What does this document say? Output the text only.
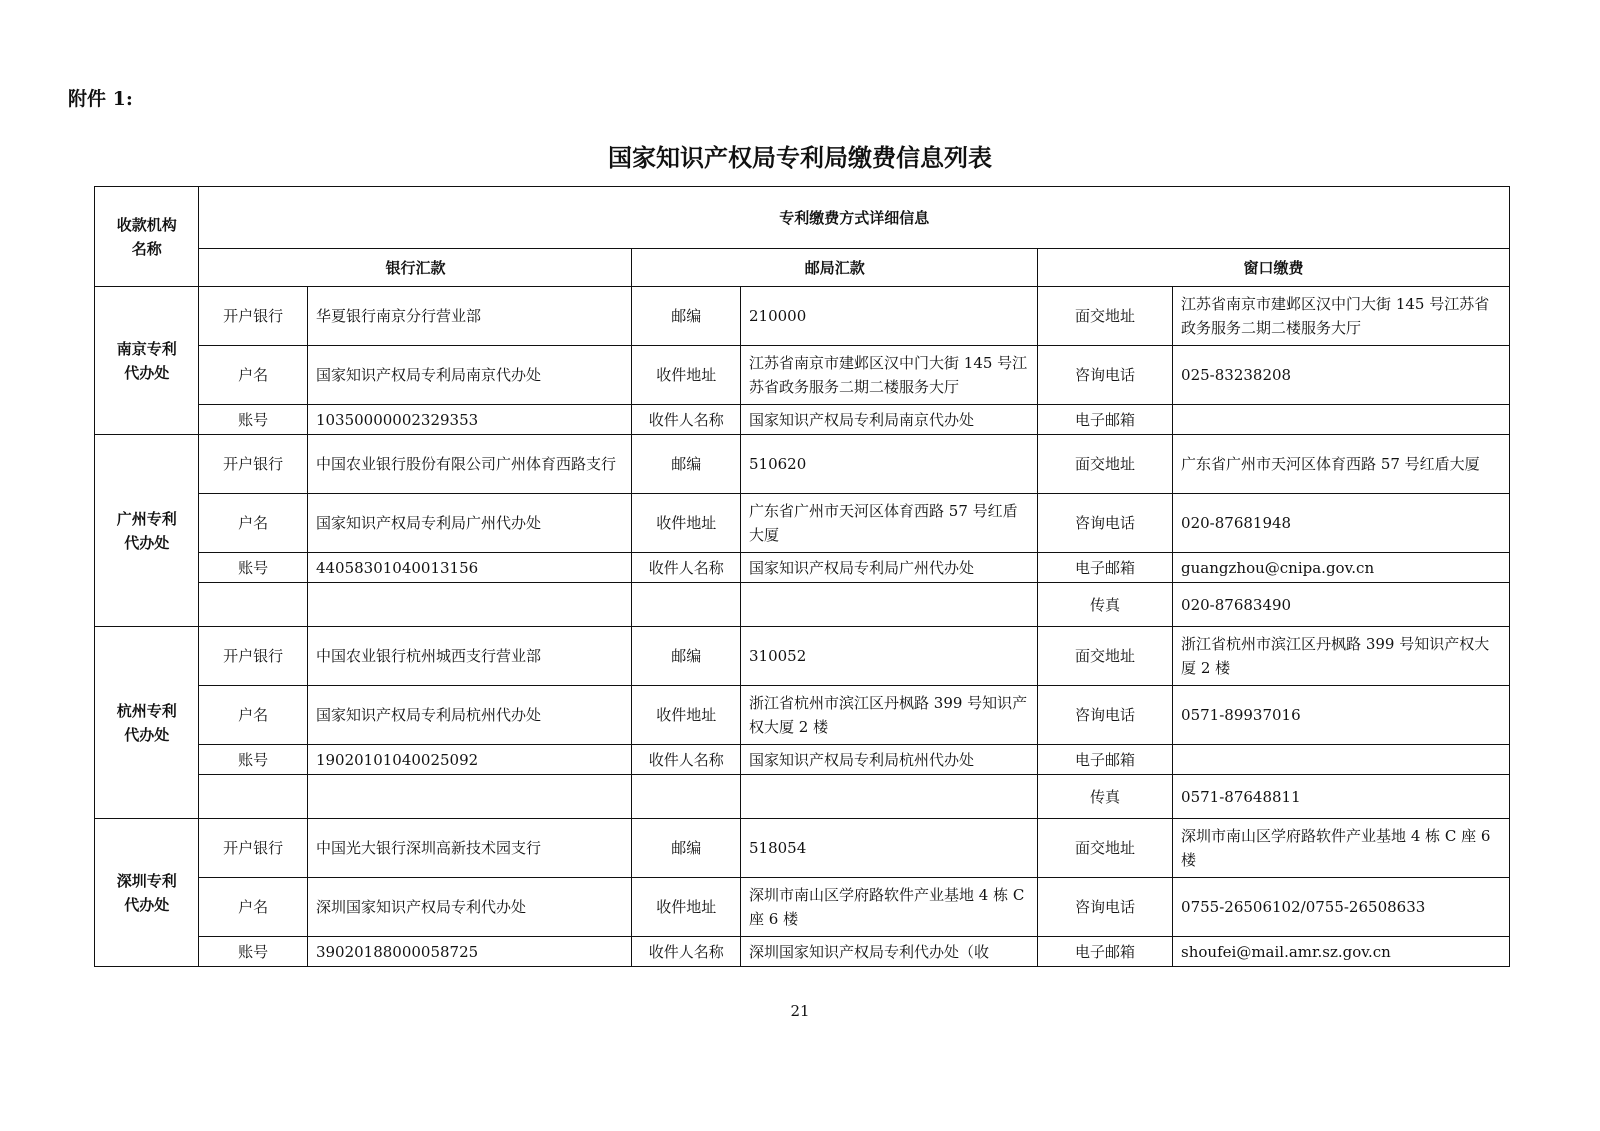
附件 1:
国家知识产权局专利局缴费信息列表
收款机构
名称	专利缴费方式详细信息					
	银行汇款		邮局汇款		窗口缴费	

南京专利
代办处	开户银行	华夏银行南京分行营业部	邮编	210000	面交地址	江苏省南京市建邺区汉中门大街 145 号江苏省政务服务二期二楼服务大厅
	户名	国家知识产权局专利局南京代办处	收件地址	江苏省南京市建邺区汉中门大街 145 号江苏省政务服务二期二楼服务大厅	咨询电话	025-83238208
	账号	10350000002329353	收件人名称	国家知识产权局专利局南京代办处	电子邮箱	

广州专利
代办处	开户银行	中国农业银行股份有限公司广州体育西路支行	邮编	510620	面交地址	广东省广州市天河区体育西路 57 号红盾大厦
	户名	国家知识产权局专利局广州代办处	收件地址	广东省广州市天河区体育西路 57 号红盾大厦	咨询电话	020-87681948
	账号	44058301040013156	收件人名称	国家知识产权局专利局广州代办处	电子邮箱	guangzhou@cnipa.gov.cn
					传真	020-87683490

杭州专利
代办处	开户银行	中国农业银行杭州城西支行营业部	邮编	310052	面交地址	浙江省杭州市滨江区丹枫路 399 号知识产权大厦 2 楼
	户名	国家知识产权局专利局杭州代办处	收件地址	浙江省杭州市滨江区丹枫路 399 号知识产权大厦 2 楼	咨询电话	0571-89937016
	账号	19020101040025092	收件人名称	国家知识产权局专利局杭州代办处	电子邮箱	
					传真	0571-87648811

深圳专利
代办处	开户银行	中国光大银行深圳高新技术园支行	邮编	518054	面交地址	深圳市南山区学府路软件产业基地 4 栋 C 座 6 楼
	户名	深圳国家知识产权局专利代办处	收件地址	深圳市南山区学府路软件产业基地 4 栋 C 座 6 楼	咨询电话	0755-26506102/0755-26508633
	账号	39020188000058725	收件人名称	深圳国家知识产权局专利代办处（收	电子邮箱	shoufei@mail.amr.sz.gov.cn
21
